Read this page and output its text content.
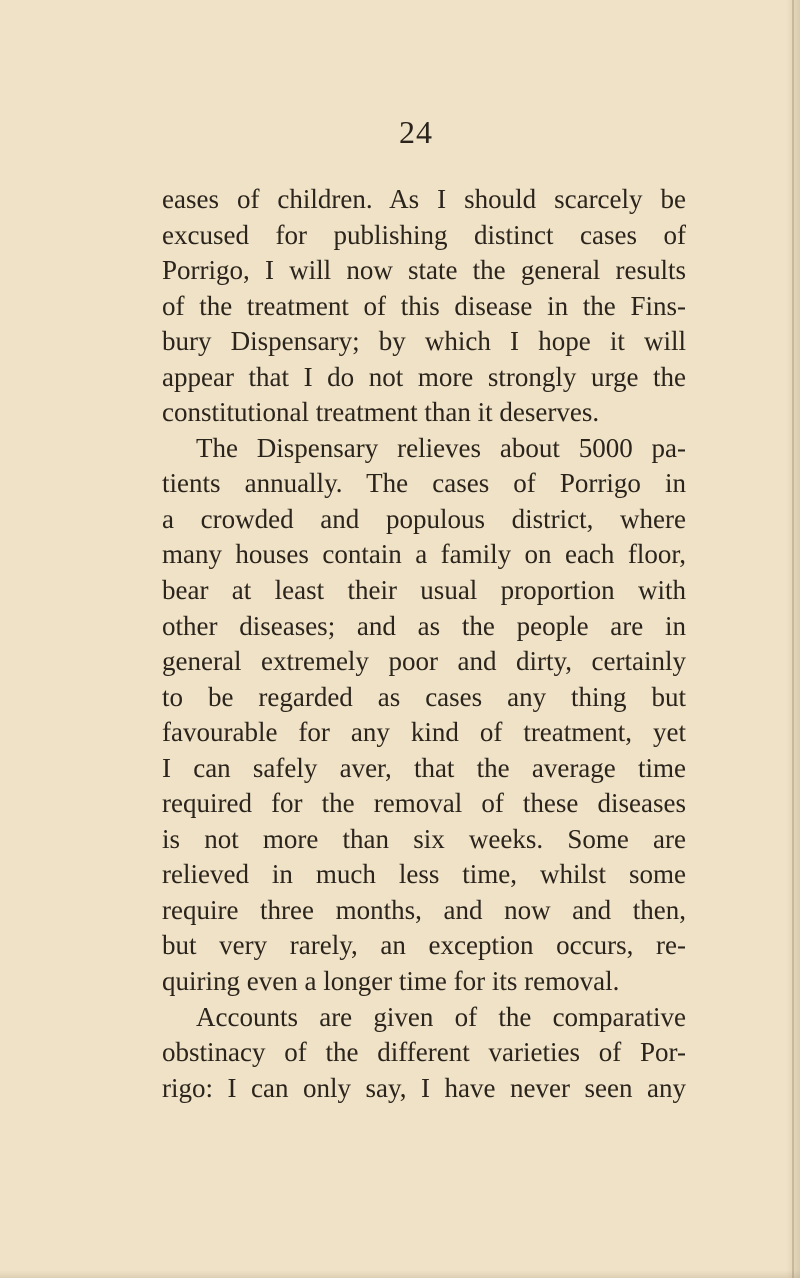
24
eases of children. As I should scarcely be
excused for publishing distinct cases of
Porrigo, I will now state the general results
of the treatment of this disease in the Fins-
bury Dispensary; by which I hope it will
appear that I do not more strongly urge the
constitutional treatment than it deserves.
The Dispensary relieves about 5000 pa-
tients annually. The cases of Porrigo in
a crowded and populous district, where
many houses contain a family on each floor,
bear at least their usual proportion with
other diseases; and as the people are in
general extremely poor and dirty, certainly
to be regarded as cases any thing but
favourable for any kind of treatment, yet
I can safely aver, that the average time
required for the removal of these diseases
is not more than six weeks. Some are
relieved in much less time, whilst some
require three months, and now and then,
but very rarely, an exception occurs, re-
quiring even a longer time for its removal.
Accounts are given of the comparative
obstinacy of the different varieties of Por-
rigo: I can only say, I have never seen any
